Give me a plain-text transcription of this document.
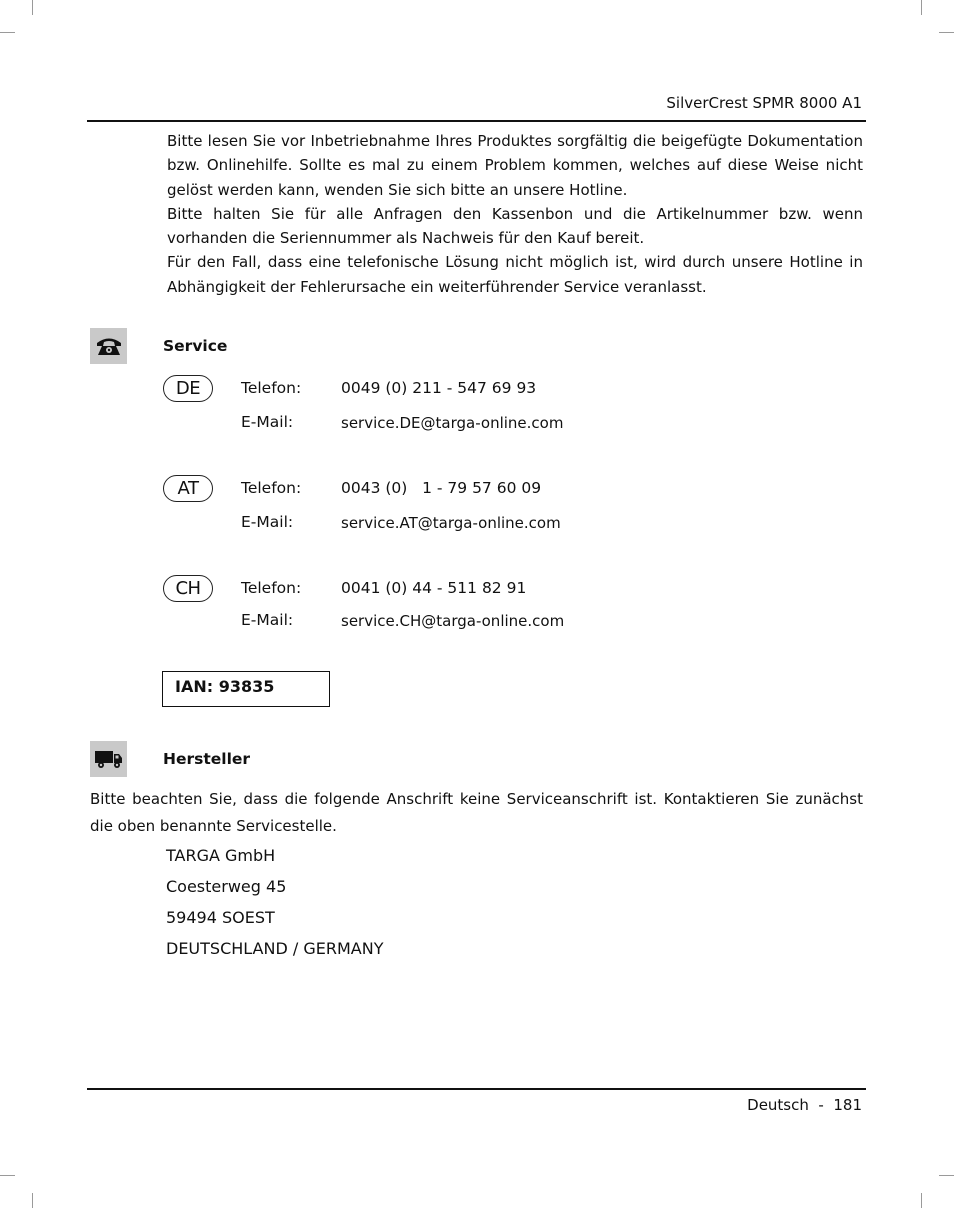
SilverCrest SPMR 8000 A1

Bitte lesen Sie vor Inbetriebnahme Ihres Produktes sorgfältig die beigefügte Dokumentation bzw. Onlinehilfe. Sollte es mal zu einem Problem kommen, welches auf diese Weise nicht gelöst werden kann, wenden Sie sich bitte an unsere Hotline.

Bitte halten Sie für alle Anfragen den Kassenbon und die Artikelnummer bzw. wenn vorhanden die Seriennummer als Nachweis für den Kauf bereit.

Für den Fall, dass eine telefonische Lösung nicht möglich ist, wird durch unsere Hotline in Abhängigkeit der Fehlerursache ein weiterführender Service veranlasst.

Service
DE	Telefon:	0049 (0) 211 - 547 69 93
E-Mail:	service.DE@targa-online.com
AT	Telefon:	0043 (0)   1 - 79 57 60 09
E-Mail:	service.AT@targa-online.com
CH	Telefon:	0041 (0) 44 - 511 82 91
E-Mail:	service.CH@targa-online.com
IAN: 93835
Hersteller

Bitte beachten Sie, dass die folgende Anschrift keine Serviceanschrift ist. Kontaktieren Sie zunächst die oben benannte Servicestelle.

TARGA GmbH
Coesterweg 45
59494 SOEST
DEUTSCHLAND / GERMANY
Deutsch  -  181
